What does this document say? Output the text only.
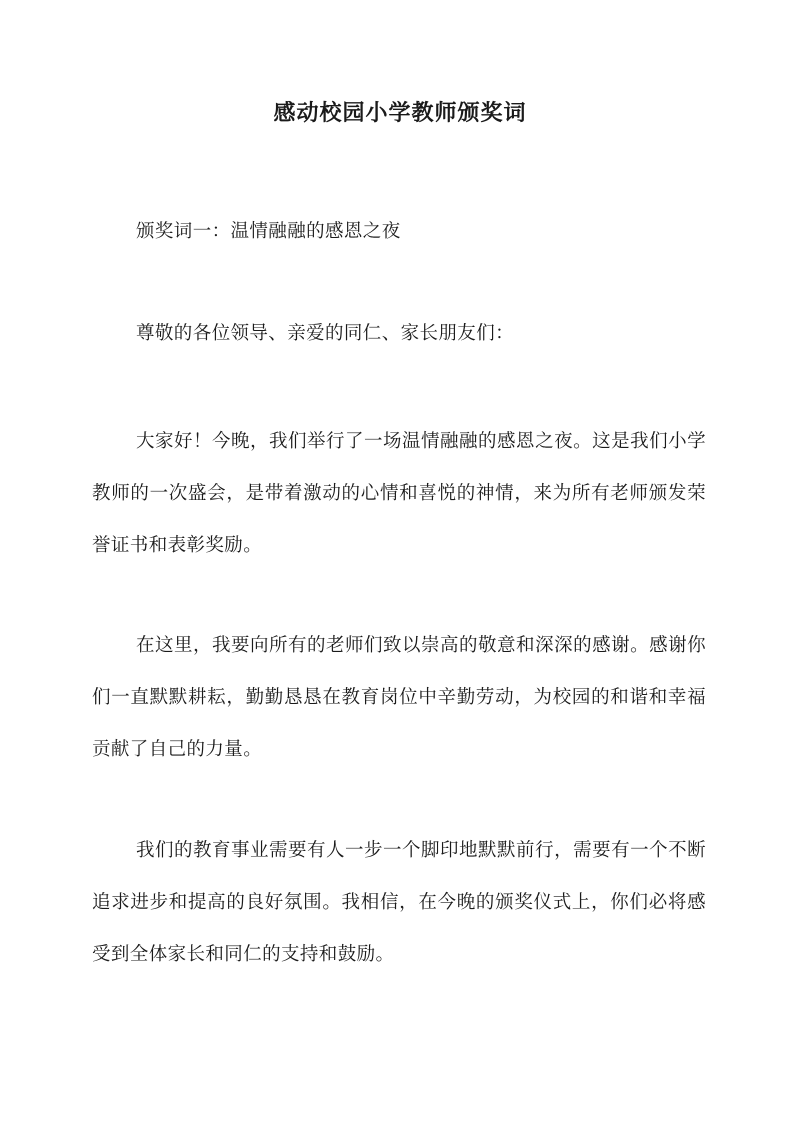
感动校园小学教师颁奖词

颁奖词一：温情融融的感恩之夜

尊敬的各位领导、亲爱的同仁、家长朋友们：

大家好！今晚，我们举行了一场温情融融的感恩之夜。这是我们小学教师的一次盛会，是带着激动的心情和喜悦的神情，来为所有老师颁发荣誉证书和表彰奖励。

在这里，我要向所有的老师们致以崇高的敬意和深深的感谢。感谢你们一直默默耕耘，勤勤恳恳在教育岗位中辛勤劳动，为校园的和谐和幸福贡献了自己的力量。

我们的教育事业需要有人一步一个脚印地默默前行，需要有一个不断追求进步和提高的良好氛围。我相信，在今晚的颁奖仪式上，你们必将感受到全体家长和同仁的支持和鼓励。
